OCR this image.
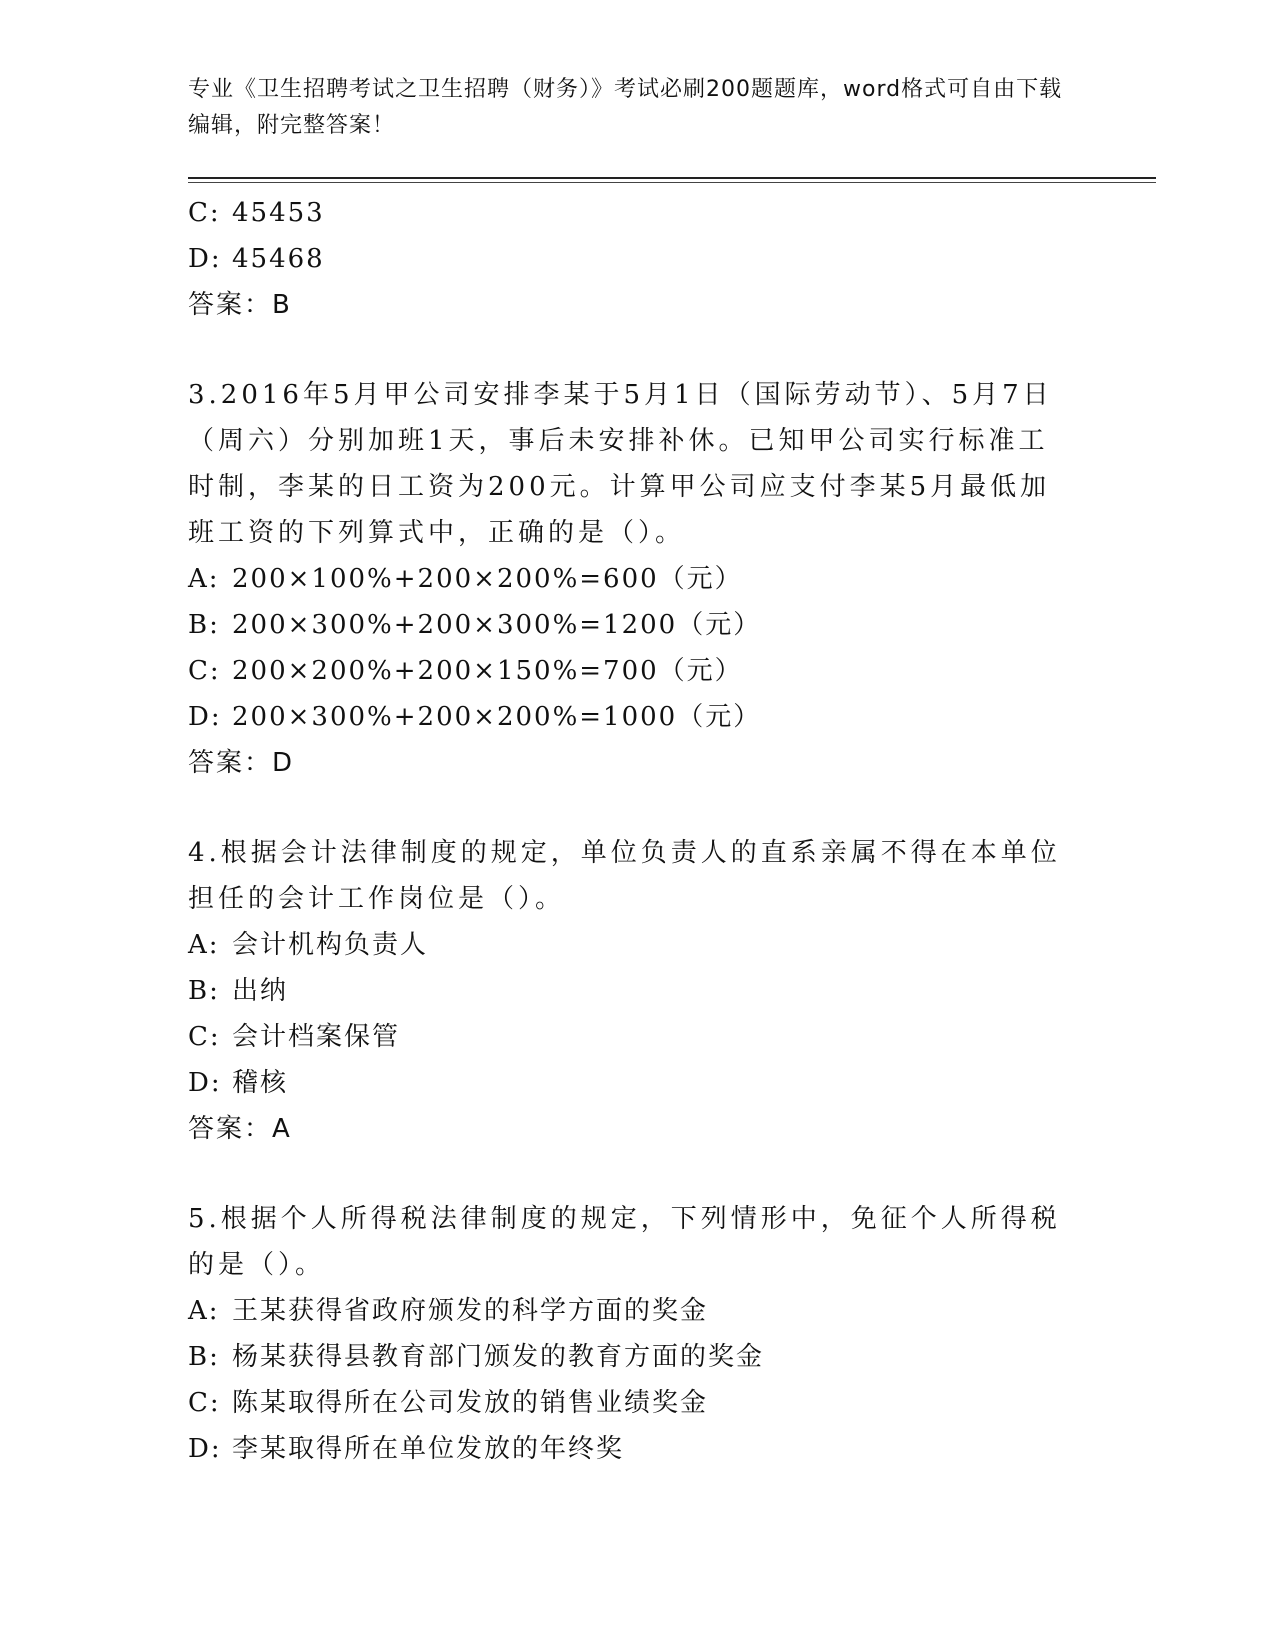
专业《卫生招聘考试之卫生招聘（财务）》考试必刷200题题库，word格式可自由下载编辑，附完整答案！
C: 45453
D: 45468
答案：B
3.2016年5月甲公司安排李某于5月1日（国际劳动节）、5月7日（周六）分别加班1天，事后未安排补休。已知甲公司实行标准工时制，李某的日工资为200元。计算甲公司应支付李某5月最低加班工资的下列算式中，正确的是（）。
A: 200×100%+200×200%=600（元）
B: 200×300%+200×300%=1200（元）
C: 200×200%+200×150%=700（元）
D: 200×300%+200×200%=1000（元）
答案：D
4.根据会计法律制度的规定，单位负责人的直系亲属不得在本单位担任的会计工作岗位是（）。
A: 会计机构负责人
B: 出纳
C: 会计档案保管
D: 稽核
答案：A
5.根据个人所得税法律制度的规定，下列情形中，免征个人所得税的是（）。
A: 王某获得省政府颁发的科学方面的奖金
B: 杨某获得县教育部门颁发的教育方面的奖金
C: 陈某取得所在公司发放的销售业绩奖金
D: 李某取得所在单位发放的年终奖
